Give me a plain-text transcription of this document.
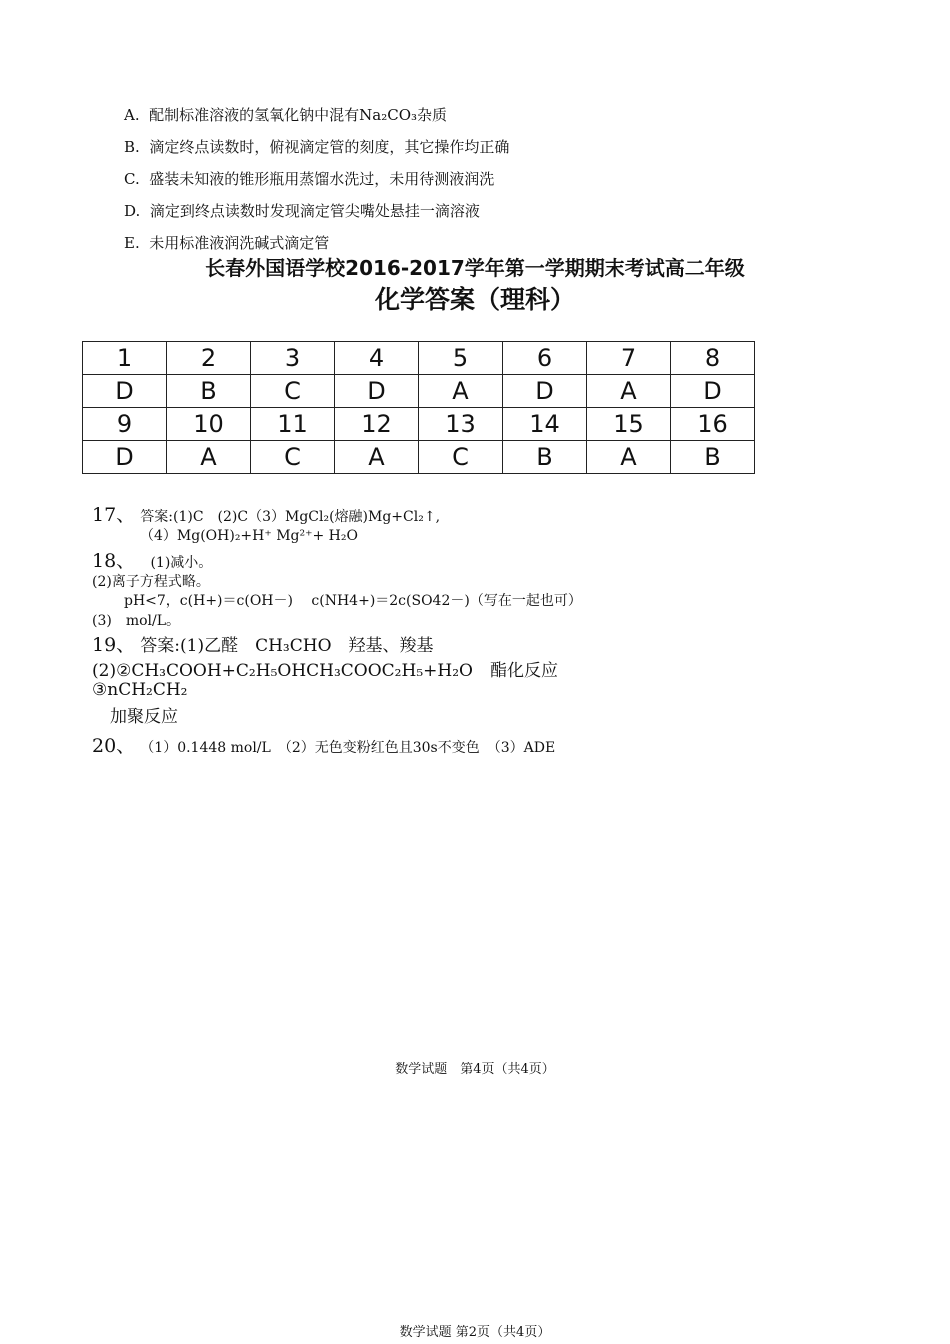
A. 配制标准溶液的氢氧化钠中混有Na₂CO₃杂质
B. 滴定终点读数时，俯视滴定管的刻度，其它操作均正确
C. 盛装未知液的锥形瓶用蒸馏水洗过，未用待测液润洗
D. 滴定到终点读数时发现滴定管尖嘴处悬挂一滴溶液
E. 未用标准液润洗碱式滴定管
长春外国语学校2016-2017学年第一学期期末考试高二年级
化学答案（理科）
1	2	3	4	5	6	7	8
D	B	C	D	A	D	A	D
9	10	11	12	13	14	15	16
D	A	C	A	C	B	A	B
17、 答案:(1)C　(2)C（3）MgCl₂(熔融)Mg+Cl₂↑,
（4）Mg(OH)₂+H⁺ Mg²⁺+ H₂O
18、 (1)减小。
(2)离子方程式略。
pH<7，c(H+)＝c(OH－)　 c(NH4+)＝2c(SO42－)（写在一起也可）
(3)　mol/L。
19、 答案:(1)乙醛　CH₃CHO　羟基、羧基
(2)②CH₃COOH+C₂H₅OHCH₃COOC₂H₅+H₂O　酯化反应
③nCH₂CH₂
加聚反应
20、 （1）0.1448 mol/L　（2）无色变粉红色且30s不变色　（3）ADE
数学试题　第4页（共4页）
数学试题 第2页（共4页）
